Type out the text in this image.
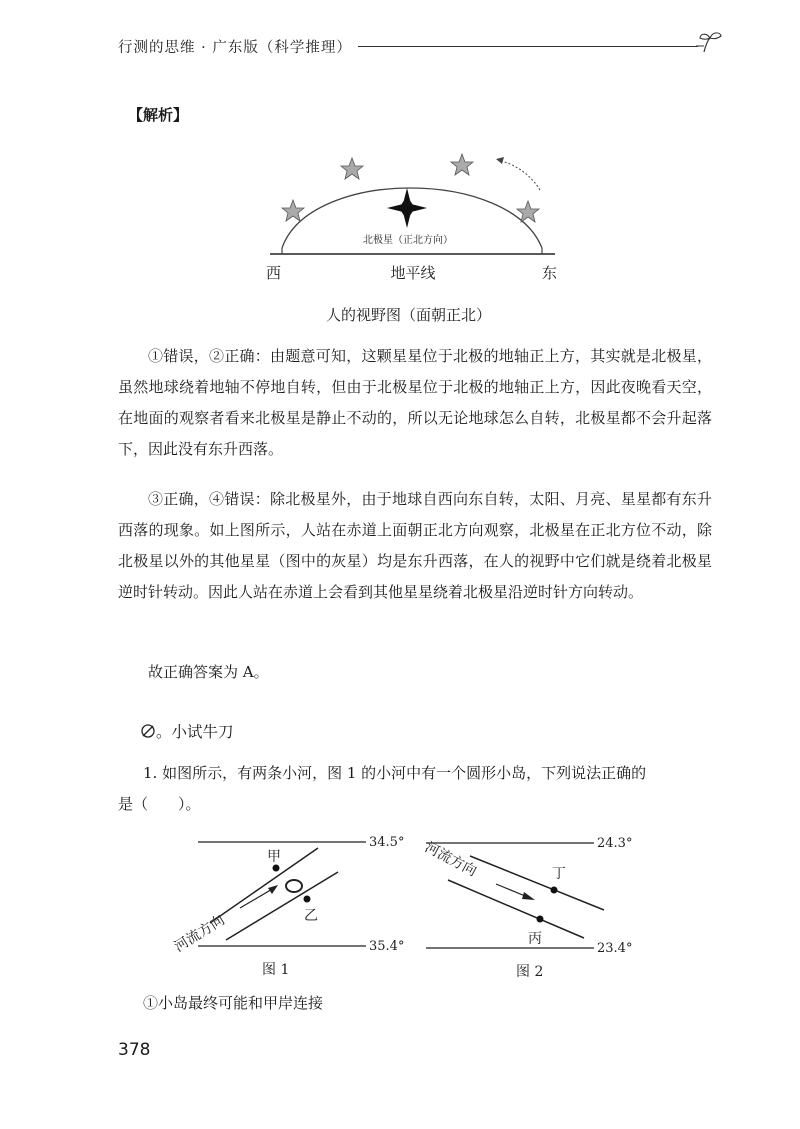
行测的思维 · 广东版（科学推理）
【解析】
北极星（正北方向）
西	地平线	东
人的视野图（面朝正北）

①错误，②正确：由题意可知，这颗星星位于北极的地轴正上方，其实就是北极星，虽然地球绕着地轴不停地自转，但由于北极星位于北极的地轴正上方，因此夜晚看天空，在地面的观察者看来北极星是静止不动的，所以无论地球怎么自转，北极星都不会升起落下，因此没有东升西落。

③正确，④错误：除北极星外，由于地球自西向东自转，太阳、月亮、星星都有东升西落的现象。如上图所示，人站在赤道上面朝正北方向观察，北极星在正北方位不动，除北极星以外的其他星星（图中的灰星）均是东升西落，在人的视野中它们就是绕着北极星逆时针转动。因此人站在赤道上会看到其他星星绕着北极星沿逆时针方向转动。

故正确答案为 A。

。小试牛刀

1. 如图所示，有两条小河，图 1 的小河中有一个圆形小岛，下列说法正确的

是（　　）。

34.5°
35.4°
甲
乙
河流方向
图 1
24.3°
23.4°
丁
丙
河流方向
图 2

①小岛最终可能和甲岸连接

378
